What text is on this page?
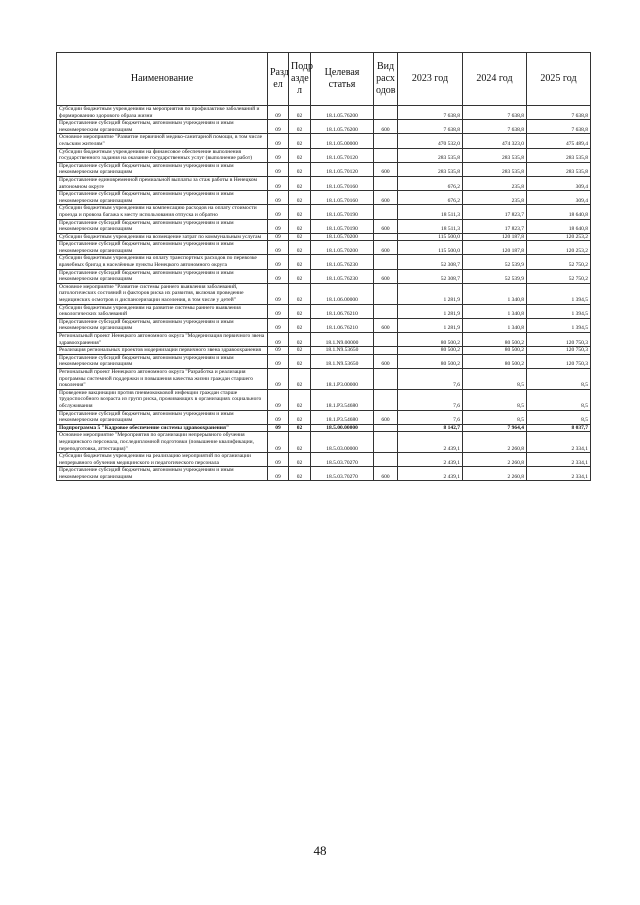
Наименование	Разд ел	Подр азде л	Целевая статья	Вид расх одов	2023 год	2024 год	2025 год
Субсидии бюджетным учреждениям на мероприятия по профилактике заболеваний и формированию здорового образа жизни	09	02	18.1.05.76200		7 638,8	7 638,8	7 638,8
Предоставление субсидий бюджетным, автономным учреждениям и иным некоммерческим организациям	09	02	18.1.05.76200	600	7 638,8	7 638,8	7 638,8
Основное мероприятие "Развитие первичной медико-санитарной помощи, в том числе сельским жителям"	09	02	18.1.05.00000		470 532,0	474 323,0	475 489,4
Субсидии бюджетным учреждениям на финансовое обеспечение выполнения государственного задания на оказание государственных услуг (выполнение работ)	09	02	18.1.05.70120		283 535,8	283 535,8	283 535,8
Предоставление субсидий бюджетным, автономным учреждениям и иным некоммерческим организациям	09	02	18.1.05.70120	600	283 535,8	283 535,8	283 535,8
Предоставление единовременной премиальной выплаты за стаж работы в Ненецком автономном округе	09	02	18.1.05.70160		676,2	235,8	309,4
Предоставление субсидий бюджетным, автономным учреждениям и иным некоммерческим организациям	09	02	18.1.05.70160	600	676,2	235,8	309,4
Субсидии бюджетным учреждениям на компенсацию расходов на оплату стоимости проезда и провоза багажа к месту использования отпуска и обратно	09	02	18.1.05.70190		18 511,3	17 823,7	18 640,8
Предоставление субсидий бюджетным, автономным учреждениям и иным некоммерческим организациям	09	02	18.1.05.70190	600	18 511,3	17 823,7	18 640,8
Субсидии бюджетным учреждениям на возмещение затрат по коммунальным услугам	09	02	18.1.05.70200		115 500,0	120 187,8	120 253,2
Предоставление субсидий бюджетным, автономным учреждениям и иным некоммерческим организациям	09	02	18.1.05.70200	600	115 500,0	120 187,8	120 253,2
Субсидии бюджетным учреждениям на оплату транспортных расходов по перевозке врачебных бригад в населённые пункты Ненецкого автономного округа	09	02	18.1.05.76230		52 308,7	52 539,9	52 750,2
Предоставление субсидий бюджетным, автономным учреждениям и иным некоммерческим организациям	09	02	18.1.05.76230	600	52 308,7	52 539,9	52 750,2
Основное мероприятие "Развитие системы раннего выявления заболеваний, патологических состояний и факторов риска их развития, включая проведение медицинских осмотров и диспансеризации населения, в том числе у детей"	09	02	18.1.06.00000		1 281,9	1 340,8	1 394,5
Субсидии бюджетным учреждениям на развитие системы раннего выявления онкологических заболеваний	09	02	18.1.06.76210		1 281,9	1 340,8	1 394,5
Предоставление субсидий бюджетным, автономным учреждениям и иным некоммерческим организациям	09	02	18.1.06.76210	600	1 281,9	1 340,8	1 394,5
Региональный проект Ненецкого автономного округа "Модернизация первичного звена здравоохранения"	09	02	18.1.N9.00000		80 500,2	80 500,2	120 750,3
Реализация региональных проектов модернизации первичного звена здравоохранения	09	02	18.1.N9.53650		80 500,2	80 500,2	120 750,3
Предоставление субсидий бюджетным, автономным учреждениям и иным некоммерческим организациям	09	02	18.1.N9.53650	600	80 500,2	80 500,2	120 750,3
Региональный проект Ненецкого автономного округа "Разработка и реализация программы системной поддержки и повышения качества жизни граждан старшего поколения"	09	02	18.1.P3.00000		7,6	8,5	8,5
Проведение вакцинации против пневмококковой инфекции граждан старше трудоспособного возраста из групп риска, проживающих в организациях социального обслуживания	09	02	18.1.P3.54680		7,6	8,5	8,5
Предоставление субсидий бюджетным, автономным учреждениям и иным некоммерческим организациям	09	02	18.1.P3.54680	600	7,6	8,5	8,5
Подпрограмма 5 "Кадровое обеспечение системы здравоохранения"	09	02	18.5.00.00000		8 142,7	7 964,4	8 037,7
Основное мероприятие "Мероприятия по организации непрерывного обучения медицинского персонала, последипломной подготовки (повышение квалификации, переподготовка, аттестация)"	09	02	18.5.03.00000		2 439,1	2 260,8	2 334,1
Субсидии бюджетным учреждениям на реализацию мероприятий по организации непрерывного обучения медицинского и педагогического персонала	09	02	18.5.03.70270		2 439,1	2 260,8	2 334,1
Предоставление субсидий бюджетным, автономным учреждениям и иным некоммерческим организациям	09	02	18.5.03.70270	600	2 439,1	2 260,8	2 334,1
48
